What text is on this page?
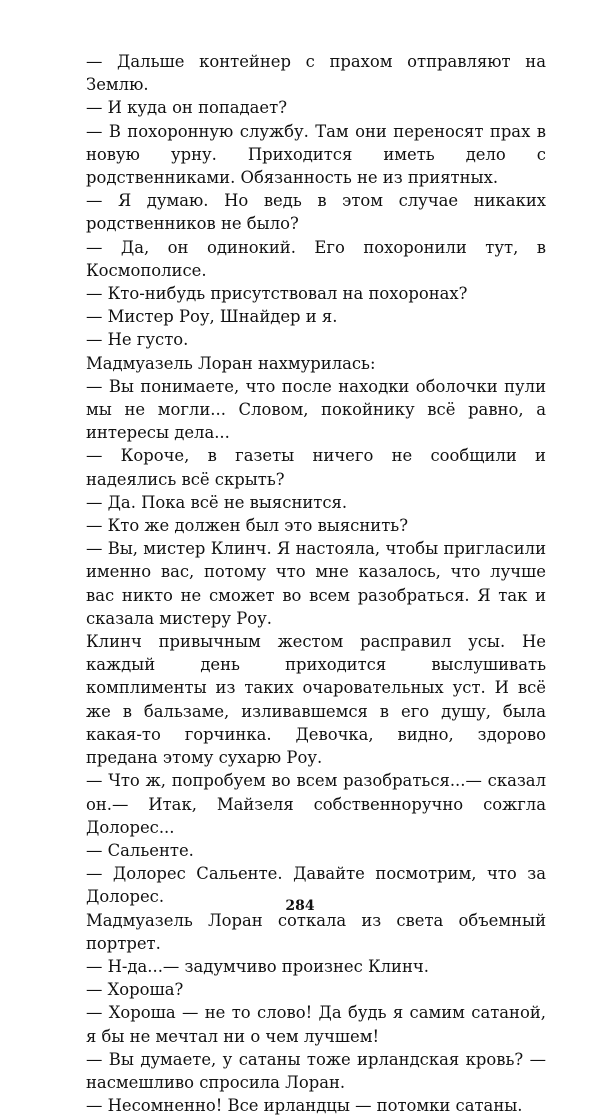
— Дальше контейнер с прахом отправляют на Землю.

— И куда он попадает?

— В похоронную службу. Там они переносят прах в новую урну. Приходится иметь дело с родственниками. Обязанность не из приятных.

— Я думаю. Но ведь в этом случае никаких родственников не было?

— Да, он одинокий. Его похоронили тут, в Космополисе.

— Кто-нибудь присутствовал на похоронах?

— Мистер Роу, Шнайдер и я.

— Не густо.

Мадмуазель Лоран нахмурилась:

— Вы понимаете, что после находки оболочки пули мы не могли... Словом, покойнику всё равно, а интересы дела...

— Короче, в газеты ничего не сообщили и надеялись всё скрыть?

— Да. Пока всё не выяснится.

— Кто же должен был это выяснить?

— Вы, мистер Клинч. Я настояла, чтобы пригласили именно вас, потому что мне казалось, что лучше вас никто не сможет во всем разобраться. Я так и сказала мистеру Роу.

Клинч привычным жестом расправил усы. Не каждый день приходится выслушивать комплименты из таких очаровательных уст. И всё же в бальзаме, изливавшемся в его душу, была какая-то горчинка. Девочка, видно, здорово предана этому сухарю Роу.

— Что ж, попробуем во всем разобраться...— сказал он.— Итак, Майзеля собственноручно сожгла Долорес...

— Сальенте.

— Долорес Сальенте. Давайте посмотрим, что за Долорес.

Мадмуазель Лоран соткала из света объемный портрет.

— Н-да...— задумчиво произнес Клинч.

— Хороша?

— Хороша — не то слово! Да будь я самим сатаной, я бы не мечтал ни о чем лучшем!

— Вы думаете, у сатаны тоже ирландская кровь? — насмешливо спросила Лоран.

— Несомненно! Все ирландцы — потомки сатаны.

284
